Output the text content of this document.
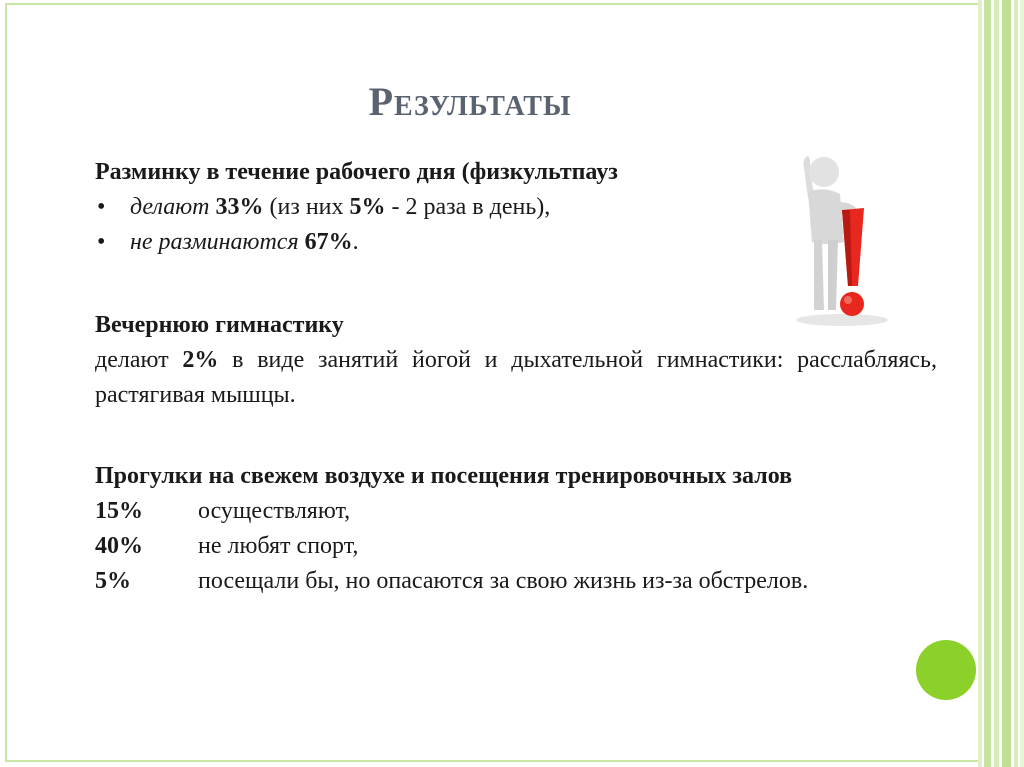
Результаты
Разминку в течение рабочего дня (физкультпауз
•	делают 33% (из них 5% - 2 раза в день),
•	не разминаются 67%.
Вечернюю гимнастику
делают 2% в виде занятий йогой и дыхательной гимнастики: расслабляясь, растягивая мышцы.
Прогулки на свежем воздухе и посещения тренировочных залов
15%	осуществляют,
40%	не любят спорт,
5%	посещали бы, но опасаются за свою жизнь из-за обстрелов.
